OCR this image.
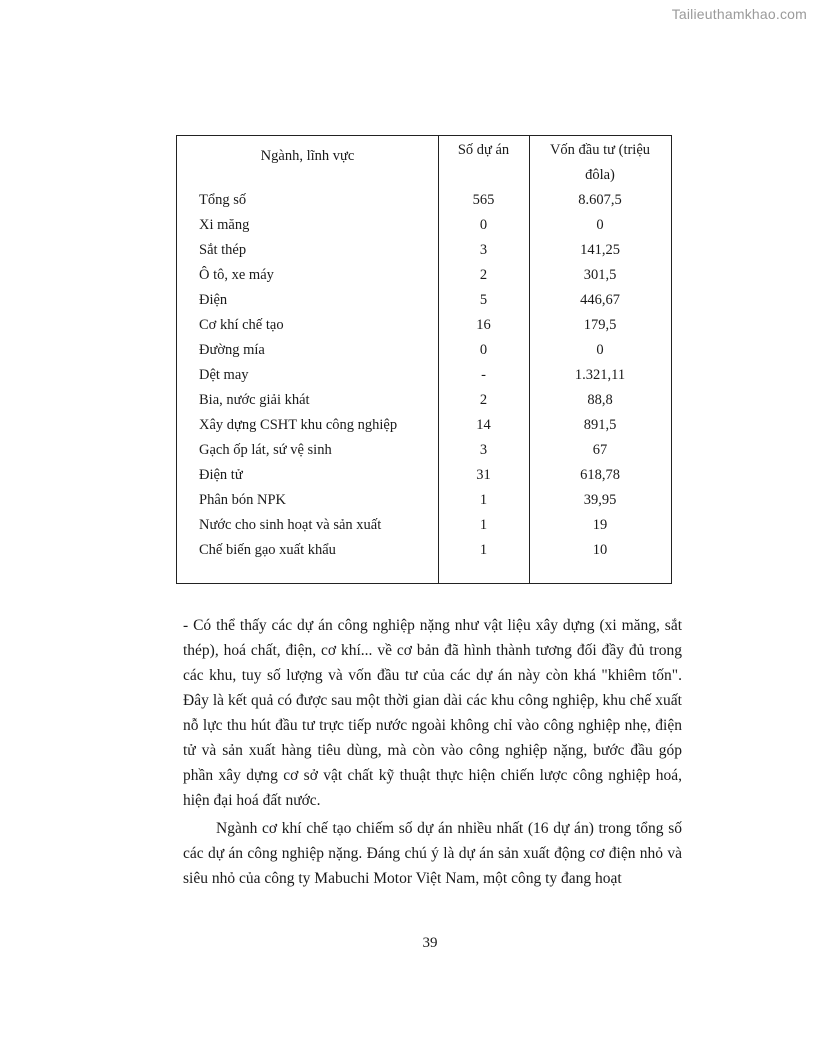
Tailieuthamkhao.com
Ngành, lĩnh vực	Số dự án	Vốn đầu tư (triệu
đôla)
Tổng số	565	8.607,5
Xi măng	0	0
Sắt thép	3	141,25
Ô tô, xe máy	2	301,5
Điện	5	446,67
Cơ khí chế tạo	16	179,5
Đường mía	0	0
Dệt may	-	1.321,11
Bia, nước giải khát	2	88,8
Xây dựng CSHT khu công nghiệp	14	891,5
Gạch ốp lát, sứ vệ sinh	3	67
Điện tử	31	618,78
Phân bón NPK	1	39,95
Nước cho sinh hoạt và sản xuất	1	19
Chế biến gạo xuất khẩu	1	10
- Có thể thấy các dự án công nghiệp nặng như vật liệu xây dựng (xi măng, sắt thép), hoá chất, điện, cơ khí... về cơ bản đã hình thành tương đối đầy đủ trong các khu, tuy số lượng và vốn đầu tư của các dự án này còn khá "khiêm tốn". Đây là kết quả có được sau một thời gian dài các khu công nghiệp, khu chế xuất nỗ lực thu hút đầu tư trực tiếp nước ngoài không chỉ vào công nghiệp nhẹ, điện tử và sản xuất hàng tiêu dùng, mà còn vào công nghiệp nặng, bước đầu góp phần xây dựng cơ sở vật chất kỹ thuật thực hiện chiến lược công nghiệp hoá, hiện đại hoá đất nước.
Ngành cơ khí chế tạo chiếm số dự án nhiều nhất (16 dự án) trong tổng số các dự án công nghiệp nặng. Đáng chú ý là dự án sản xuất động cơ điện nhỏ và siêu nhỏ của công ty Mabuchi Motor Việt Nam, một công ty đang hoạt
39
